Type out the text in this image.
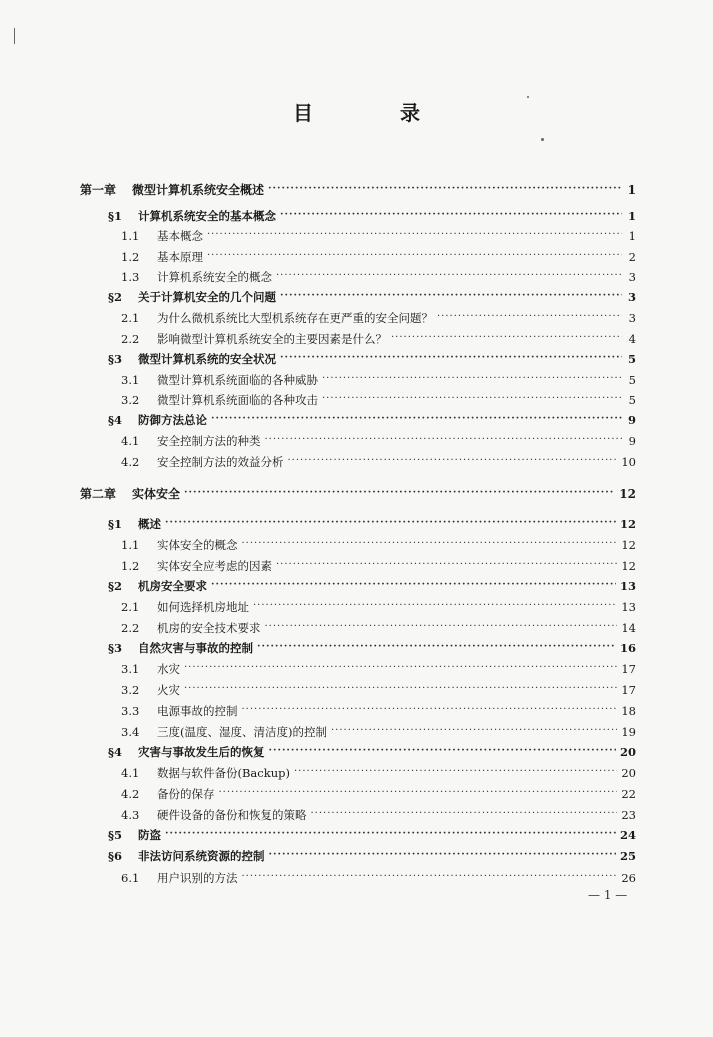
目 录
第一章	微型计算机系统安全概述 ·····	1
§1	计算机系统安全的基本概念 ·····	1
1.1	基本概念 ·····	1
1.2	基本原理 ·····	2
1.3	计算机系统安全的概念 ·····	3
§2	关于计算机安全的几个问题 ·····	3
2.1	为什么微机系统比大型机系统存在更严重的安全问题？ ·····	3
2.2	影响微型计算机系统安全的主要因素是什么？ ·····	4
§3	微型计算机系统的安全状况 ·····	5
3.1	微型计算机系统面临的各种威胁 ·····	5
3.2	微型计算机系统面临的各种攻击 ·····	5
§4	防御方法总论 ·····	9
4.1	安全控制方法的种类 ·····	9
4.2	安全控制方法的效益分析 ·····	10
第二章	实体安全 ·····	12
§1	概述 ·····	12
1.1	实体安全的概念 ·····	12
1.2	实体安全应考虑的因素 ·····	12
§2	机房安全要求 ·····	13
2.1	如何选择机房地址 ·····	13
2.2	机房的安全技术要求 ·····	14
§3	自然灾害与事故的控制 ·····	16
3.1	水灾 ·····	17
3.2	火灾 ·····	17
3.3	电源事故的控制 ·····	18
3.4	三度(温度、湿度、清洁度)的控制 ·····	19
§4	灾害与事故发生后的恢复 ·····	20
4.1	数据与软件备份(Backup) ·····	20
4.2	备份的保存 ·····	22
4.3	硬件设备的备份和恢复的策略 ·····	23
§5	防盗 ·····	24
§6	非法访问系统资源的控制 ·····	25
6.1	用户识别的方法 ·····	26
— 1 —
